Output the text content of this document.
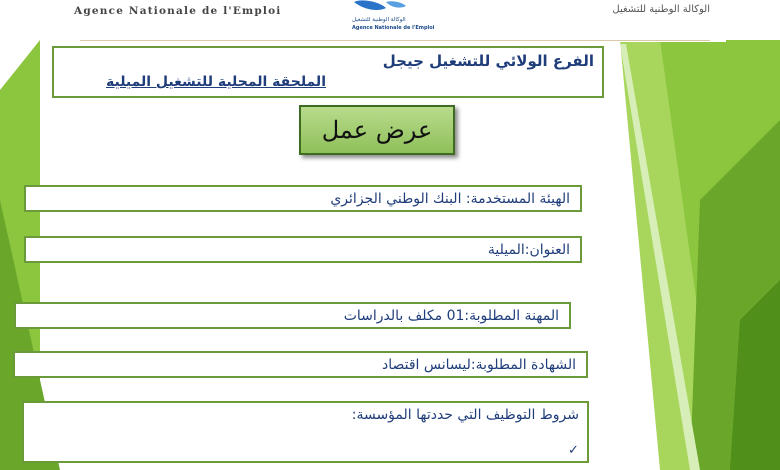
Agence Nationale de l'Emploi
الوكالة الوطنية للتشغيل
Agence Nationale de l'Emploi
الوكالة الوطنية للتشغيل
الفرع الولائي للتشغيل جيجل
الملحقة المحلية للتشغيل الميلية
عرض عمل
الهيئة المستخدمة: البنك الوطني الجزائري
العنوان:الميلية
المهنة المطلوبة:01 مكلف بالدراسات
الشهادة المطلوبة:ليسانس اقتصاد
شروط التوظيف التي حددتها المؤسسة:
✓
